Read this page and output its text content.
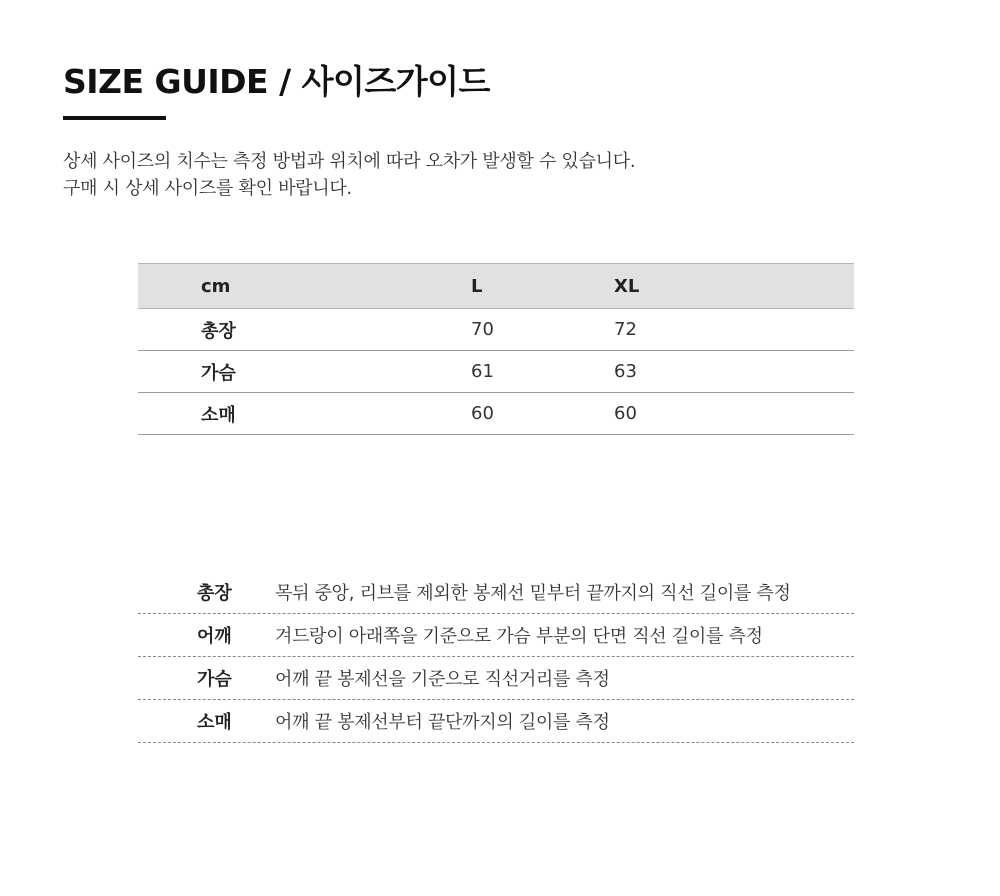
SIZE GUIDE / 사이즈가이드

상세 사이즈의 치수는 측정 방법과 위치에 따라 오차가 발생할 수 있습니다.
구매 시 상세 사이즈를 확인 바랍니다.

cm	L	XL
총장	70	72
가슴	61	63
소매	60	60
총장	목뒤 중앙, 리브를 제외한 봉제선 밑부터 끝까지의 직선 길이를 측정
어깨	겨드랑이 아래쪽을 기준으로 가슴 부분의 단면 직선 길이를 측정
가슴	어깨 끝 봉제선을 기준으로 직선거리를 측정
소매	어깨 끝 봉제선부터 끝단까지의 길이를 측정
